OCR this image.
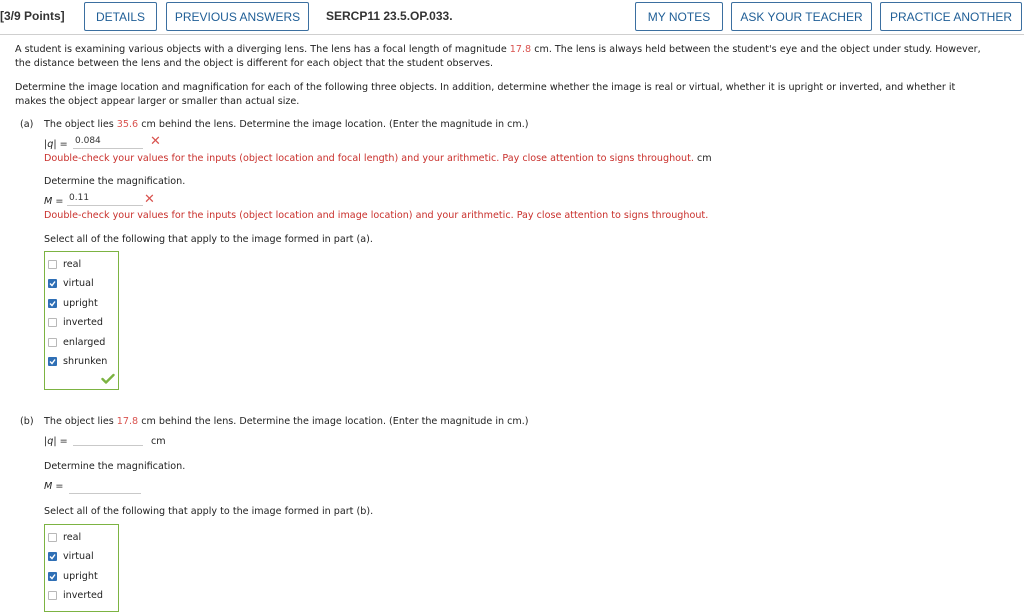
[3/9 Points]	DETAILS	PREVIOUS ANSWERS	SERCP11 23.5.OP.033.	MY NOTES	ASK YOUR TEACHER	PRACTICE ANOTHER
A student is examining various objects with a diverging lens. The lens has a focal length of magnitude 17.8 cm. The lens is always held between the student's eye and the object under study. However,
the distance between the lens and the object is different for each object that the student observes.
Determine the image location and magnification for each of the following three objects. In addition, determine whether the image is real or virtual, whether it is upright or inverted, and whether it
makes the object appear larger or smaller than actual size.
(a) The object lies 35.6 cm behind the lens. Determine the image location. (Enter the magnitude in cm.)
|q| = 0.084	✕
Double-check your values for the inputs (object location and focal length) and your arithmetic. Pay close attention to signs throughout. cm
Determine the magnification.
M = 0.11	✕
Double-check your values for the inputs (object location and image location) and your arithmetic. Pay close attention to signs throughout.
Select all of the following that apply to the image formed in part (a).
real
virtual
upright
inverted
enlarged
shrunken
(b) The object lies 17.8 cm behind the lens. Determine the image location. (Enter the magnitude in cm.)
|q| =	cm
Determine the magnification.
M =
Select all of the following that apply to the image formed in part (b).
real
virtual
upright
inverted
